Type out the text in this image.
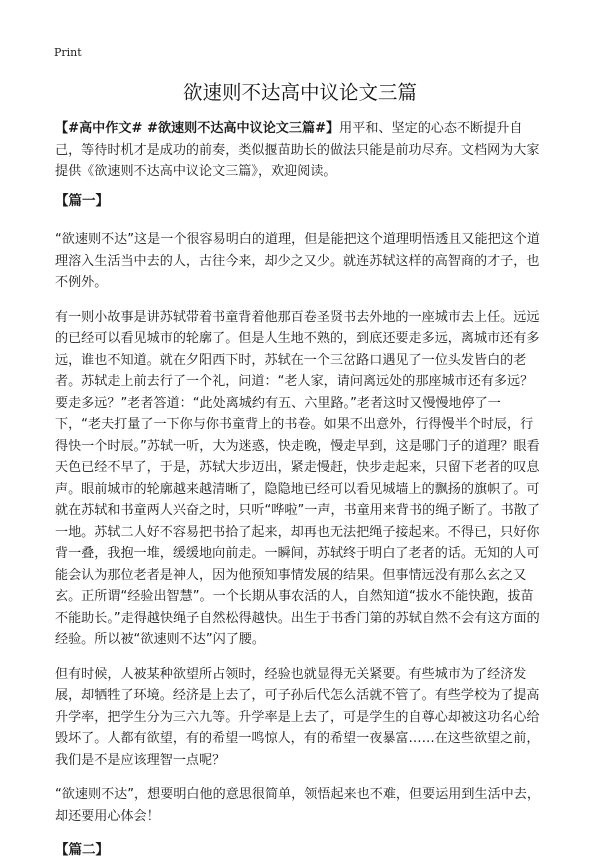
Print
欲速则不达高中议论文三篇

【#高中作文# #欲速则不达高中议论文三篇#】用平和、坚定的心态不断提升自己，等待时机才是成功的前奏，类似揠苗助长的做法只能是前功尽弃。文档网为大家提供《欲速则不达高中议论文三篇》，欢迎阅读。

【篇一】

“欲速则不达”这是一个很容易明白的道理，但是能把这个道理明悟透且又能把这个道理溶入生活当中去的人，古往今来，却少之又少。就连苏轼这样的高智商的才子，也不例外。

有一则小故事是讲苏轼带着书童背着他那百卷圣贤书去外地的一座城市去上任。远远的已经可以看见城市的轮廓了。但是人生地不熟的，到底还要走多远，离城市还有多远，谁也不知道。就在夕阳西下时，苏轼在一个三岔路口遇见了一位头发皆白的老者。苏轼走上前去行了一个礼，问道：“老人家，请问离远处的那座城市还有多远？要走多远？”老者答道：“此处离城约有五、六里路。”老者这时又慢慢地停了一下，“老夫打量了一下你与你书童背上的书卷。如果不出意外，行得慢半个时辰，行得快一个时辰。”苏轼一听，大为迷惑，快走晚，慢走早到，这是哪门子的道理？眼看天色已经不早了，于是，苏轼大步迈出，紧走慢赶，快步走起来，只留下老者的叹息声。眼前城市的轮廓越来越清晰了，隐隐地已经可以看见城墙上的飘扬的旗帜了。可就在苏轼和书童两人兴奋之时，只听“哗啦”一声，书童用来背书的绳子断了。书散了一地。苏轼二人好不容易把书拾了起来，却再也无法把绳子接起来。不得已，只好你背一叠，我抱一堆，缓缓地向前走。一瞬间，苏轼终于明白了老者的话。无知的人可能会认为那位老者是神人，因为他预知事情发展的结果。但事情远没有那么玄之又玄。正所谓“经验出智慧”。一个长期从事农活的人，自然知道“拔水不能快跑，拔苗不能助长。”走得越快绳子自然松得越快。出生于书香门第的苏轼自然不会有这方面的经验。所以被“欲速则不达”闪了腰。

但有时候，人被某种欲望所占领时，经验也就显得无关紧要。有些城市为了经济发展，却牺牲了环境。经济是上去了，可子孙后代怎么活就不管了。有些学校为了提高升学率，把学生分为三六九等。升学率是上去了，可是学生的自尊心却被这功名心给毁坏了。人都有欲望，有的希望一鸣惊人，有的希望一夜暴富……在这些欲望之前，我们是不是应该理智一点呢？

“欲速则不达”，想要明白他的意思很简单，领悟起来也不难，但要运用到生活中去，却还要用心体会！

【篇二】
